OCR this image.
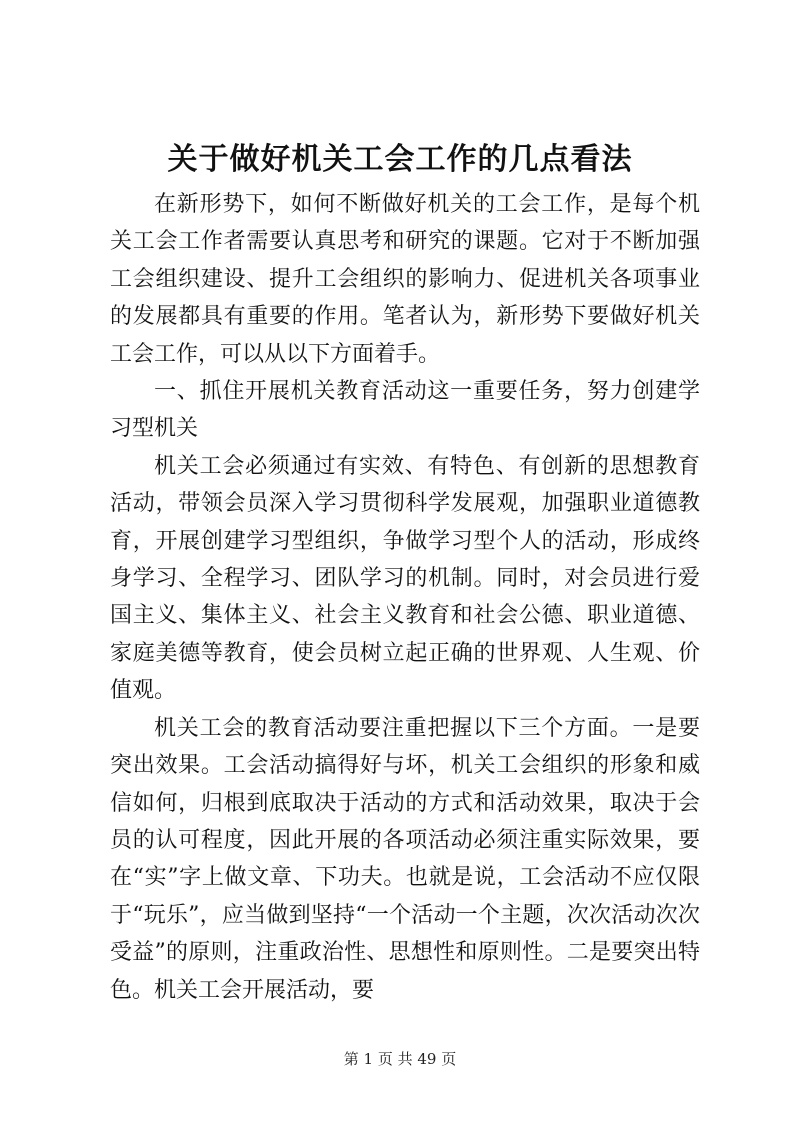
关于做好机关工会工作的几点看法

在新形势下，如何不断做好机关的工会工作，是每个机关工会工作者需要认真思考和研究的课题。它对于不断加强工会组织建设、提升工会组织的影响力、促进机关各项事业的发展都具有重要的作用。笔者认为，新形势下要做好机关工会工作，可以从以下方面着手。

一、抓住开展机关教育活动这一重要任务，努力创建学习型机关

机关工会必须通过有实效、有特色、有创新的思想教育活动，带领会员深入学习贯彻科学发展观，加强职业道德教育，开展创建学习型组织，争做学习型个人的活动，形成终身学习、全程学习、团队学习的机制。同时，对会员进行爱国主义、集体主义、社会主义教育和社会公德、职业道德、家庭美德等教育，使会员树立起正确的世界观、人生观、价值观。

机关工会的教育活动要注重把握以下三个方面。一是要突出效果。工会活动搞得好与坏，机关工会组织的形象和威信如何，归根到底取决于活动的方式和活动效果，取决于会员的认可程度，因此开展的各项活动必须注重实际效果，要在“实”字上做文章、下功夫。也就是说，工会活动不应仅限于“玩乐”，应当做到坚持“一个活动一个主题，次次活动次次受益”的原则，注重政治性、思想性和原则性。二是要突出特色。机关工会开展活动，要

第 1 页 共 49 页
